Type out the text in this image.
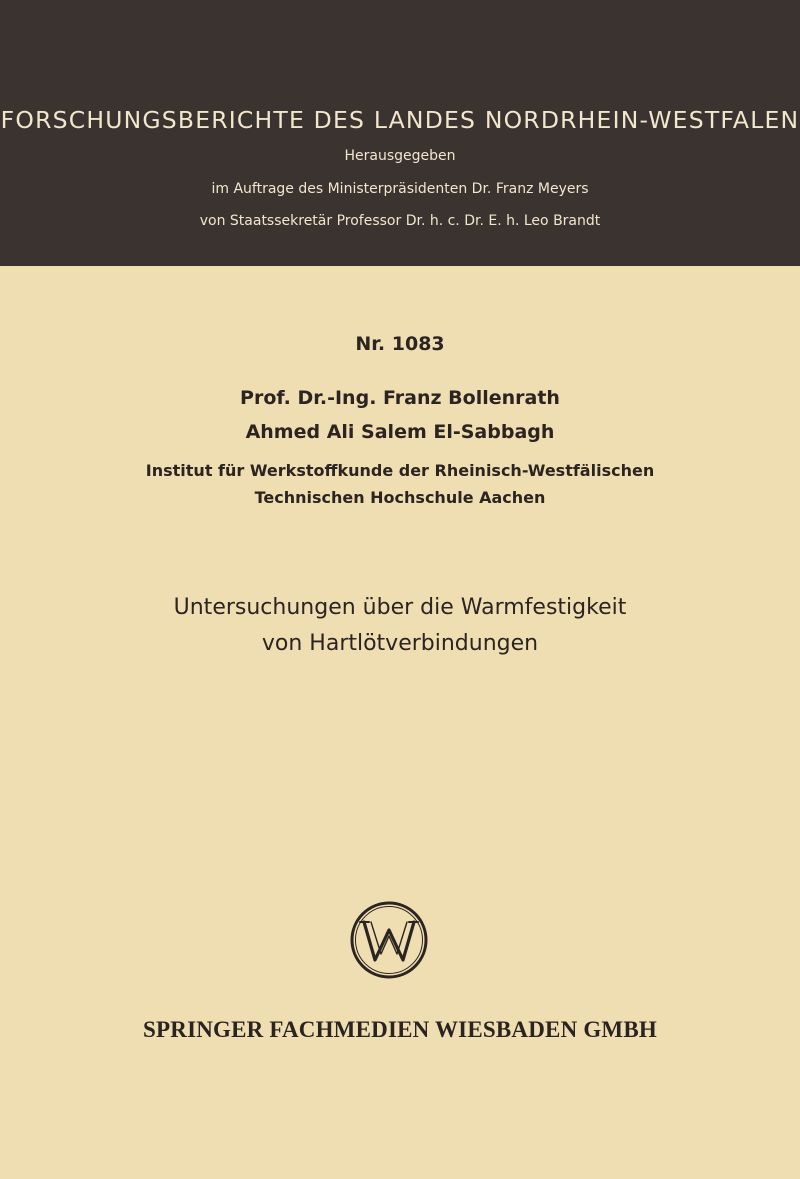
FORSCHUNGSBERICHTE DES LANDES NORDRHEIN-WESTFALEN
Herausgegeben
im Auftrage des Ministerpräsidenten Dr. Franz Meyers
von Staatssekretär Professor Dr. h. c. Dr. E. h. Leo Brandt
Nr. 1083
Prof. Dr.-Ing. Franz Bollenrath
Ahmed Ali Salem El-Sabbagh
Institut für Werkstoffkunde der Rheinisch-Westfälischen
Technischen Hochschule Aachen
Untersuchungen über die Warmfestigkeit
von Hartlötverbindungen
SPRINGER FACHMEDIEN WIESBADEN GMBH
